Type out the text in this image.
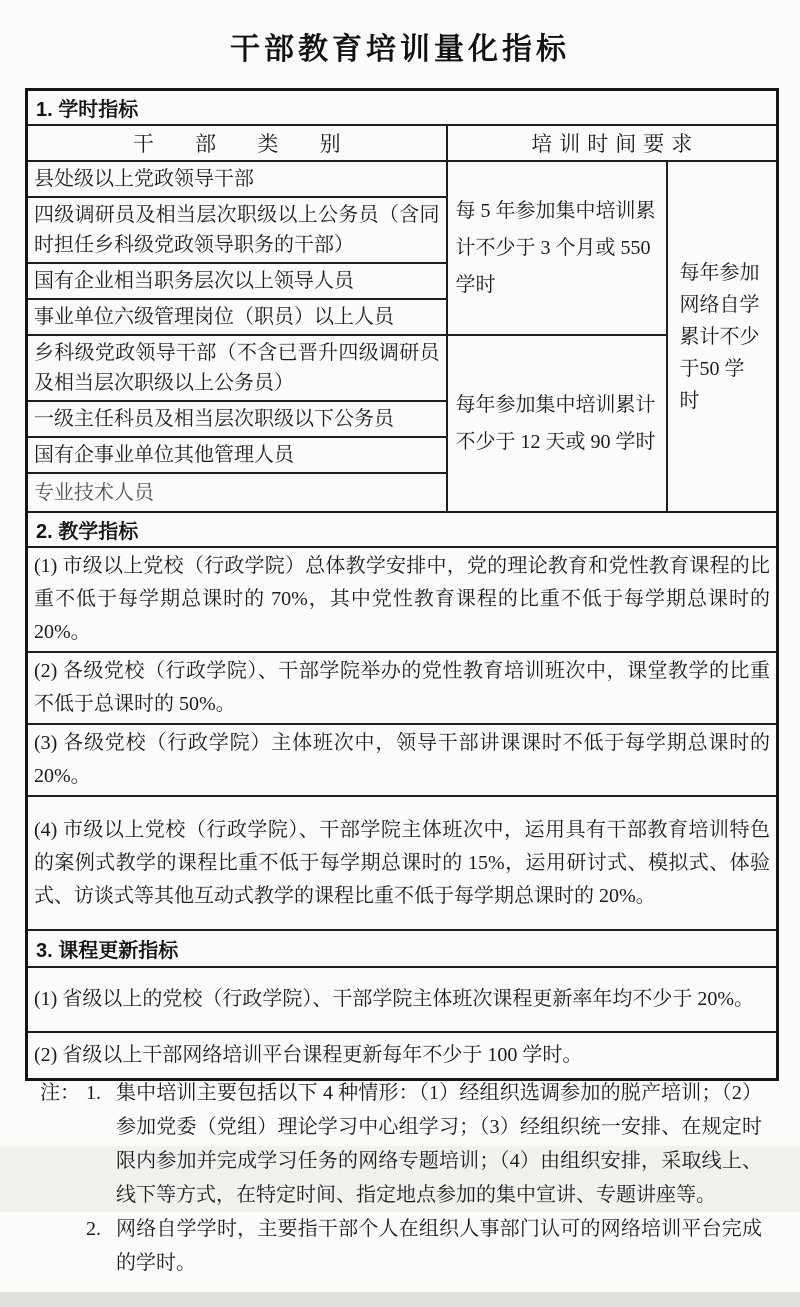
干部教育培训量化指标
1. 学时指标		
干 部 类 别	培训时间要求	
县处级以上党政领导干部	每 5 年参加集中培训累计不少于 3 个月或 550 学时	每年参加网络自学累计不少于50 学时
四级调研员及相当层次职级以上公务员（含同时担任乡科级党政领导职务的干部）		
国有企业相当职务层次以上领导人员		
事业单位六级管理岗位（职员）以上人员		
乡科级党政领导干部（不含已晋升四级调研员及相当层次职级以上公务员）	每年参加集中培训累计不少于 12 天或 90 学时	
一级主任科员及相当层次职级以下公务员		
国有企事业单位其他管理人员		
专业技术人员		
2. 教学指标		
(1) 市级以上党校（行政学院）总体教学安排中，党的理论教育和党性教育课程的比重不低于每学期总课时的 70%，其中党性教育课程的比重不低于每学期总课时的 20%。		
(2) 各级党校（行政学院）、干部学院举办的党性教育培训班次中，课堂教学的比重不低于总课时的 50%。		
(3) 各级党校（行政学院）主体班次中，领导干部讲课课时不低于每学期总课时的 20%。		
(4) 市级以上党校（行政学院）、干部学院主体班次中，运用具有干部教育培训特色的案例式教学的课程比重不低于每学期总课时的 15%，运用研讨式、模拟式、体验式、访谈式等其他互动式教学的课程比重不低于每学期总课时的 20%。		
3. 课程更新指标		
(1) 省级以上的党校（行政学院）、干部学院主体班次课程更新率年均不少于 20%。		
(2) 省级以上干部网络培训平台课程更新每年不少于 100 学时。		
注： 1. 集中培训主要包括以下 4 种情形：（1）经组织选调参加的脱产培训；（2）参加党委（党组）理论学习中心组学习；（3）经组织统一安排、在规定时限内参加并完成学习任务的网络专题培训；（4）由组织安排，采取线上、线下等方式，在特定时间、指定地点参加的集中宣讲、专题讲座等。
2. 网络自学学时，主要指干部个人在组织人事部门认可的网络培训平台完成的学时。
